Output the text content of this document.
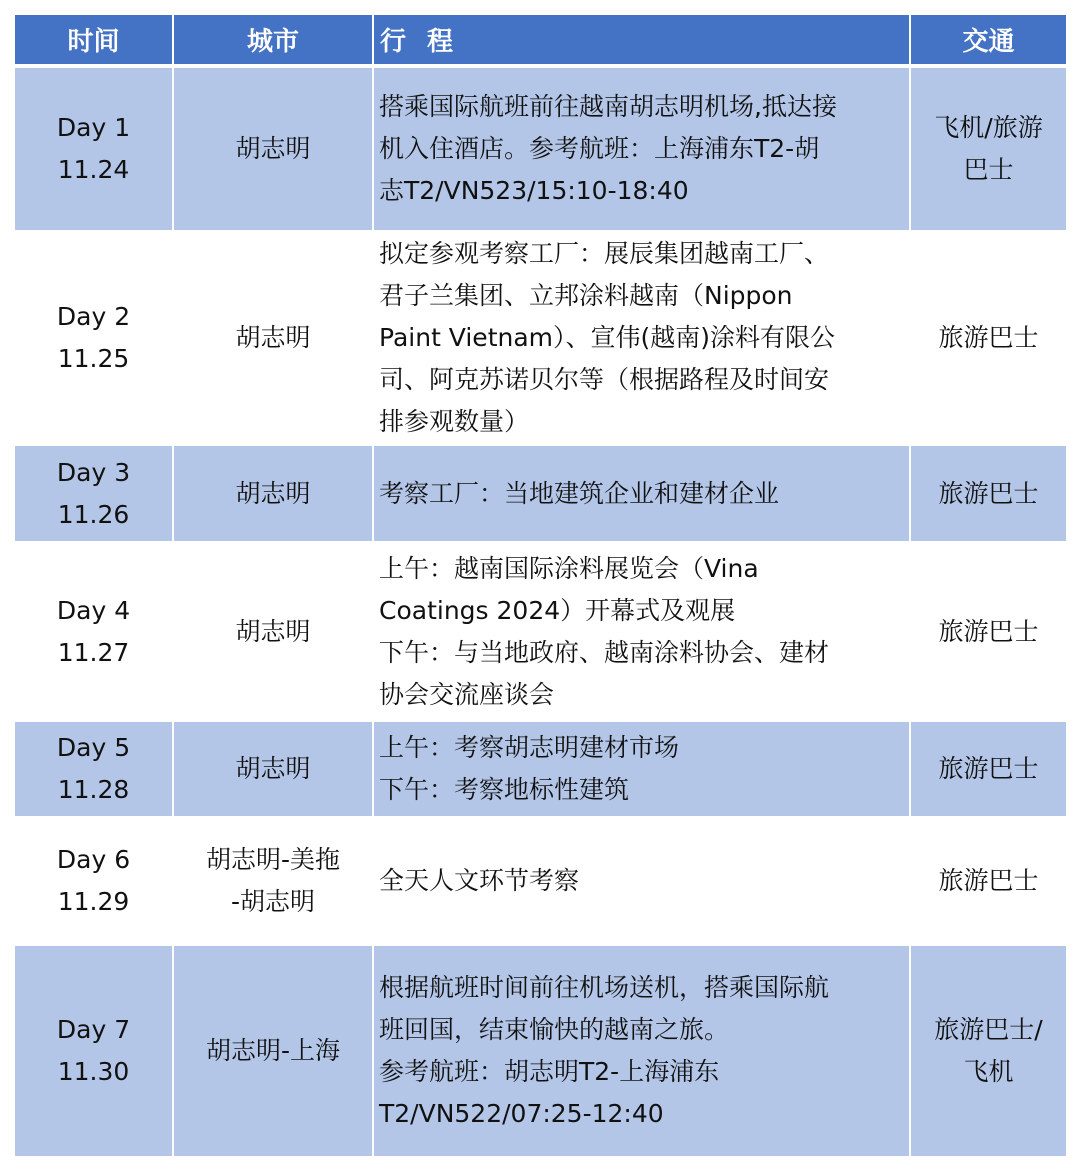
时间	城市	行 程	交通

Day 1
11.24	胡志明	搭乘国际航班前往越南胡志明机场,抵达接
机入住酒店。参考航班：上海浦东T2-胡
志T2/VN523/15:10-18:40	飞机/旅游
巴士

Day 2
11.25	胡志明	拟定参观考察工厂：展辰集团越南工厂、
君子兰集团、立邦涂料越南（Nippon
Paint Vietnam）、宣伟(越南)涂料有限公
司、阿克苏诺贝尔等（根据路程及时间安
排参观数量）	旅游巴士

Day 3
11.26	胡志明	考察工厂：当地建筑企业和建材企业	旅游巴士

Day 4
11.27	胡志明	上午：越南国际涂料展览会（Vina
Coatings 2024）开幕式及观展
下午：与当地政府、越南涂料协会、建材
协会交流座谈会	旅游巴士

Day 5
11.28	胡志明	上午：考察胡志明建材市场
下午：考察地标性建筑	旅游巴士

Day 6
11.29	胡志明-美拖
-胡志明	全天人文环节考察	旅游巴士

Day 7
11.30	胡志明-上海	根据航班时间前往机场送机，搭乘国际航
班回国，结束愉快的越南之旅。
参考航班：胡志明T2-上海浦东
T2/VN522/07:25-12:40	旅游巴士/
飞机
